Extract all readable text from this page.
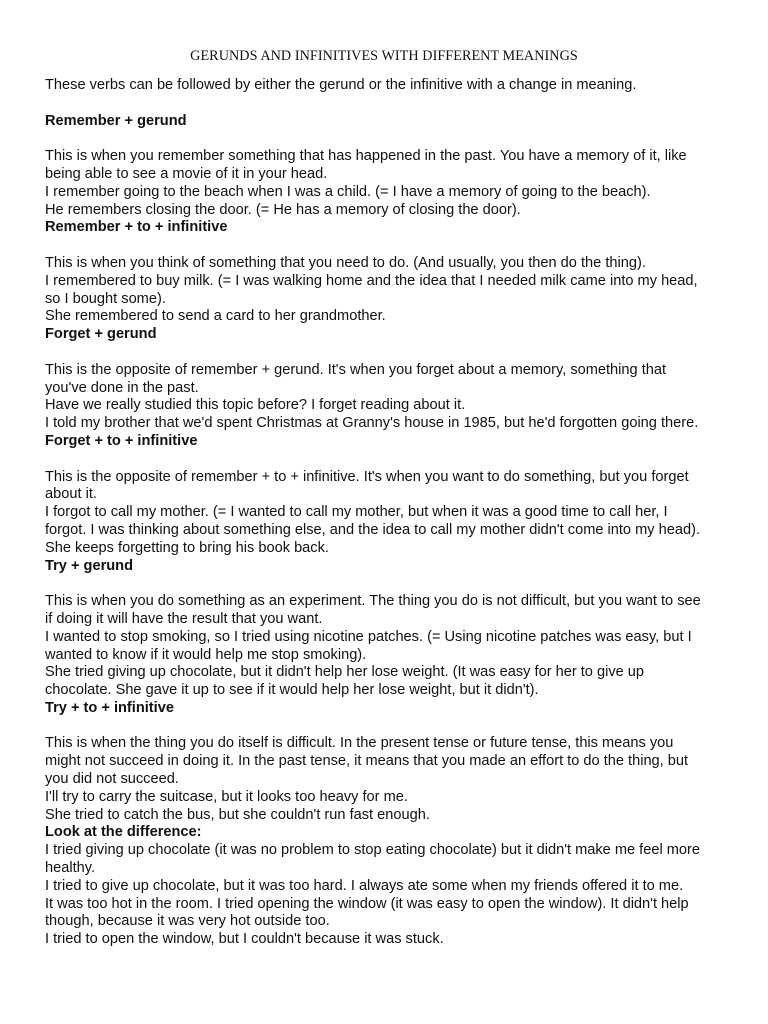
GERUNDS AND INFINITIVES WITH DIFFERENT MEANINGS

These verbs can be followed by either the gerund or the infinitive with a change in meaning.

Remember + gerund

This is when you remember something that has happened in the past. You have a memory of it, like

being able to see a movie of it in your head.

I remember going to the beach when I was a child. (= I have a memory of going to the beach).

He remembers closing the door. (= He has a memory of closing the door).

Remember + to + infinitive

This is when you think of something that you need to do. (And usually, you then do the thing).

I remembered to buy milk. (= I was walking home and the idea that I needed milk came into my head,

so I bought some).

She remembered to send a card to her grandmother.

Forget + gerund

This is the opposite of remember + gerund. It's when you forget about a memory, something that

you've done in the past.

Have we really studied this topic before? I forget reading about it.

I told my brother that we'd spent Christmas at Granny's house in 1985, but he'd forgotten going there.

Forget + to + infinitive

This is the opposite of remember + to + infinitive. It's when you want to do something, but you forget

about it.

I forgot to call my mother. (= I wanted to call my mother, but when it was a good time to call her, I

forgot. I was thinking about something else, and the idea to call my mother didn't come into my head).

She keeps forgetting to bring his book back.

Try + gerund

This is when you do something as an experiment. The thing you do is not difficult, but you want to see

if doing it will have the result that you want.

I wanted to stop smoking, so I tried using nicotine patches. (= Using nicotine patches was easy, but I

wanted to know if it would help me stop smoking).

She tried giving up chocolate, but it didn't help her lose weight. (It was easy for her to give up

chocolate. She gave it up to see if it would help her lose weight, but it didn't).

Try + to + infinitive

This is when the thing you do itself is difficult. In the present tense or future tense, this means you

might not succeed in doing it. In the past tense, it means that you made an effort to do the thing, but

you did not succeed.

I'll try to carry the suitcase, but it looks too heavy for me.

She tried to catch the bus, but she couldn't run fast enough.

Look at the difference:

I tried giving up chocolate (it was no problem to stop eating chocolate) but it didn't make me feel more

healthy.

I tried to give up chocolate, but it was too hard. I always ate some when my friends offered it to me.

It was too hot in the room. I tried opening the window (it was easy to open the window). It didn't help

though, because it was very hot outside too.

I tried to open the window, but I couldn't because it was stuck.
